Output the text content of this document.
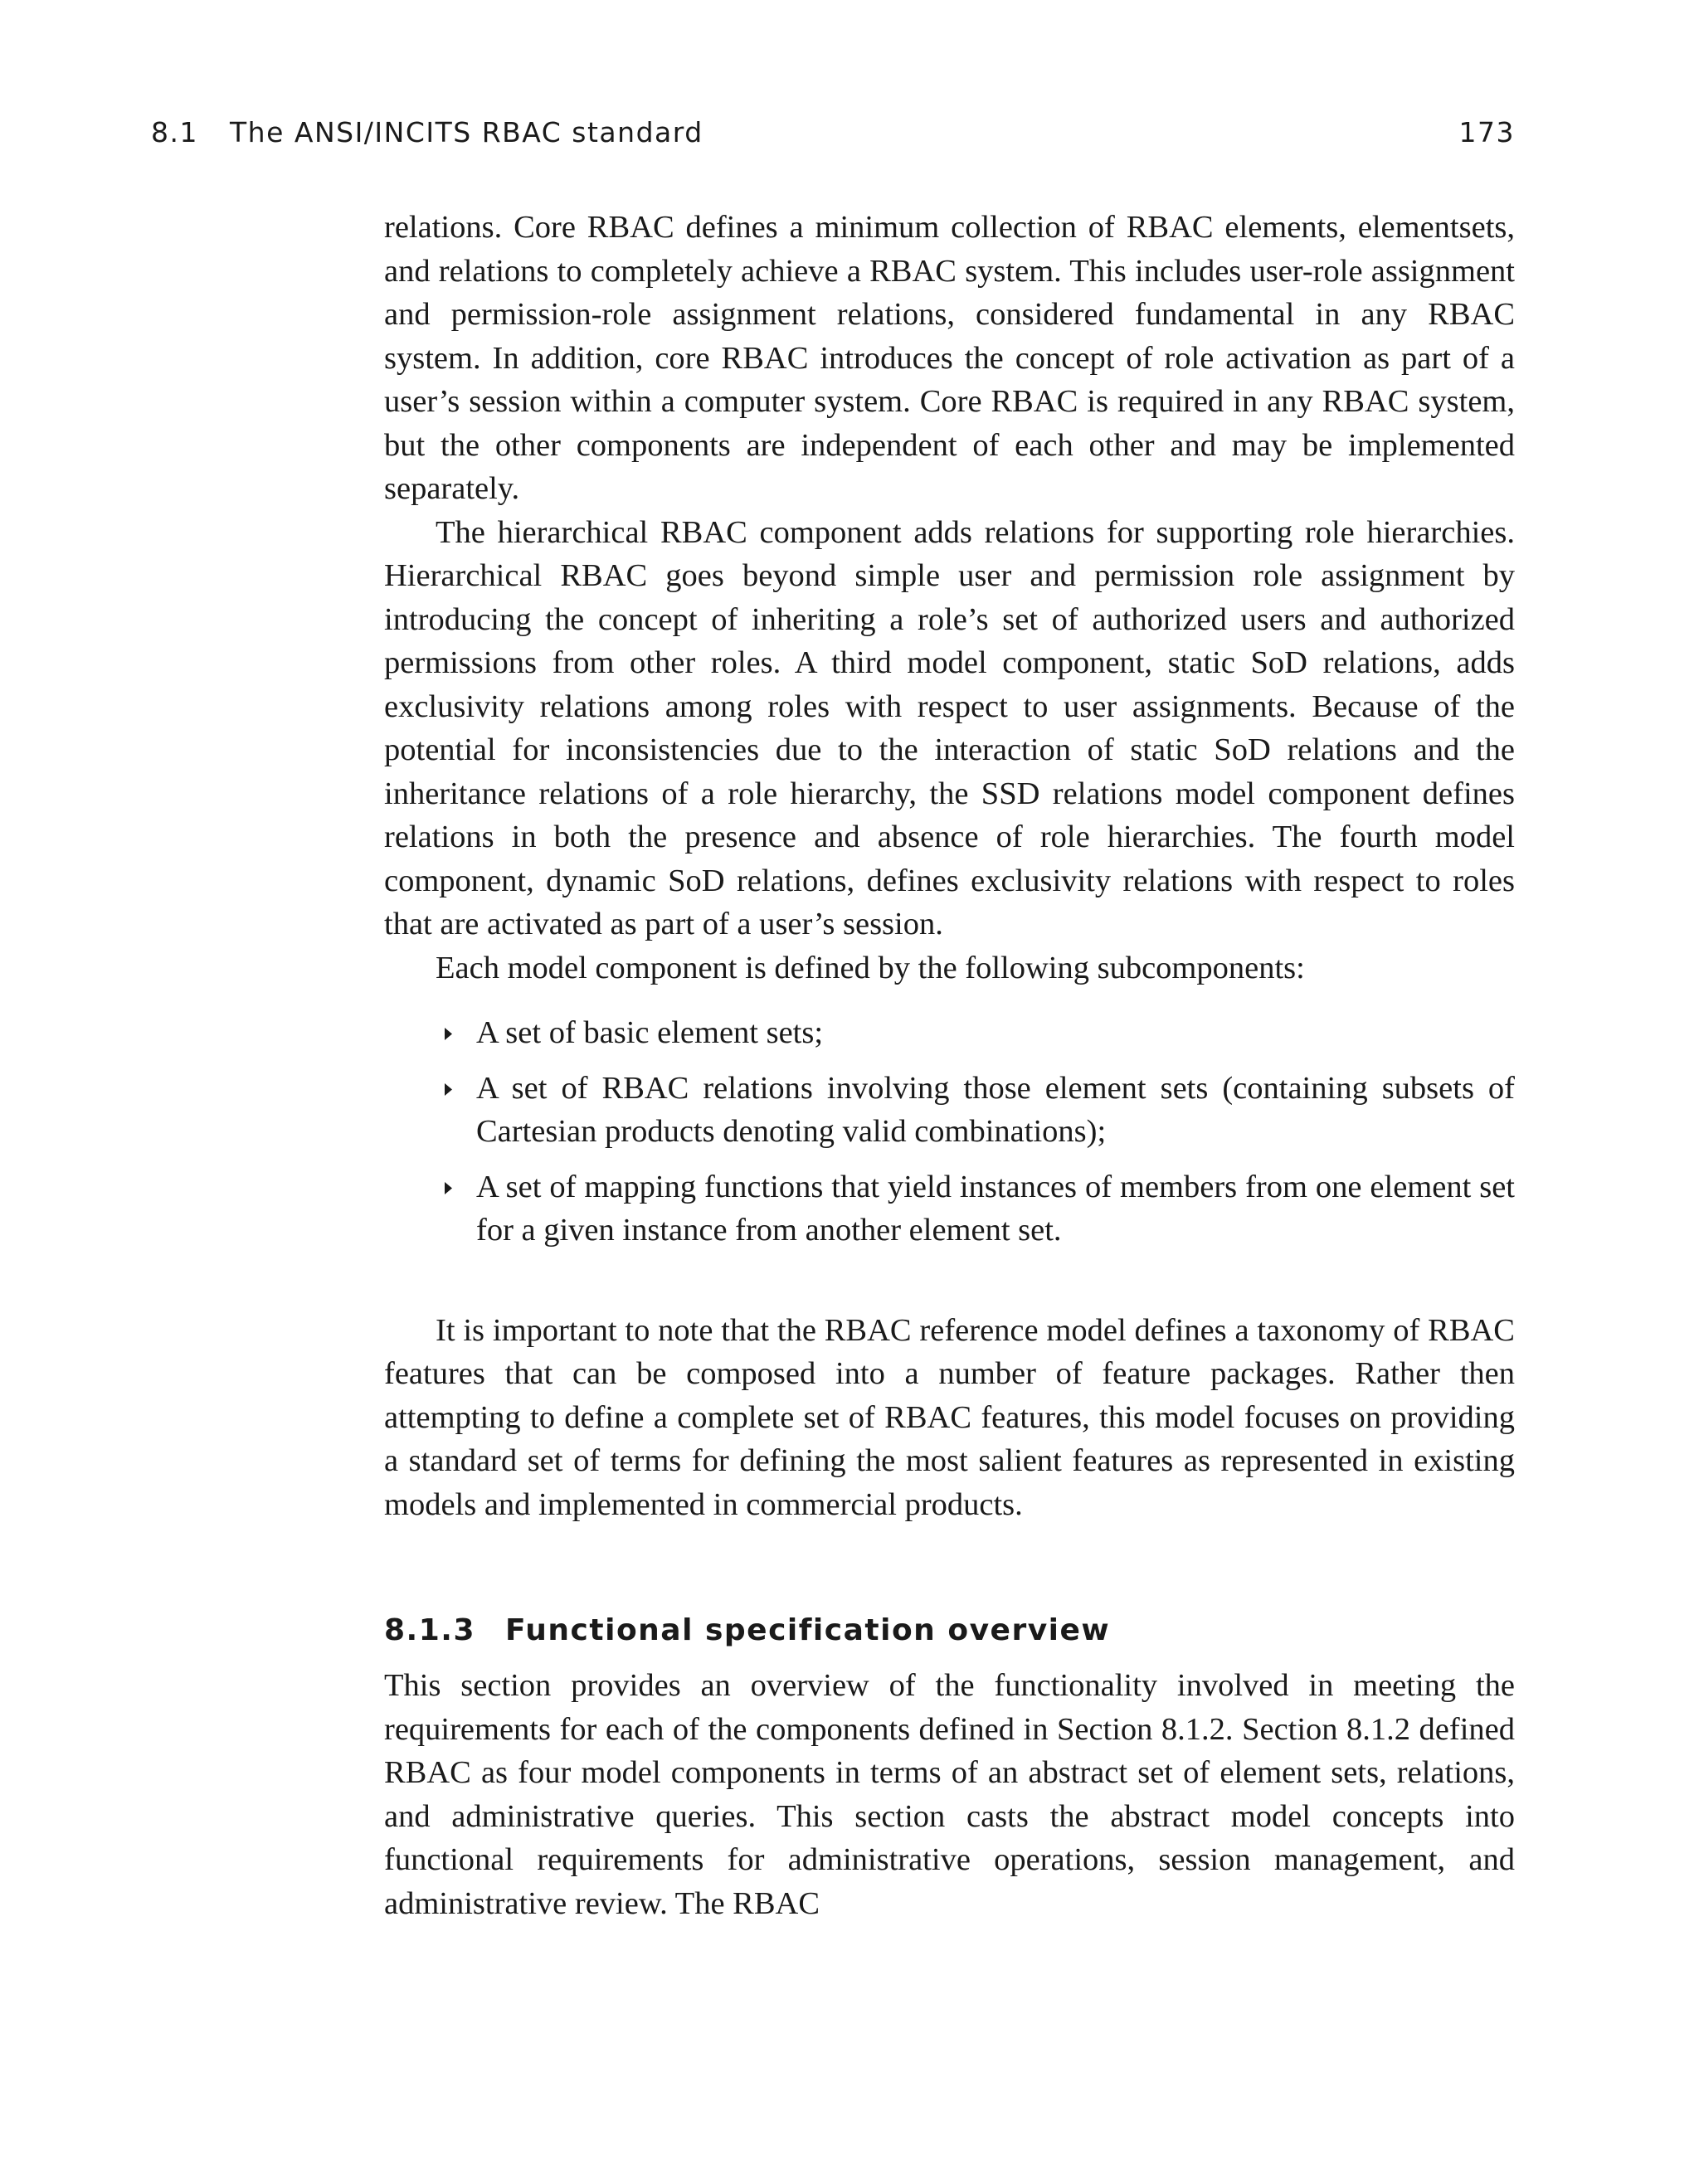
8.1 The ANSI/INCITS RBAC standard	173

relations. Core RBAC defines a minimum collection of RBAC elements, elementsets, and relations to completely achieve a RBAC system. This includes user-role assignment and permission-role assignment relations, considered fundamental in any RBAC system. In addition, core RBAC introduces the concept of role activation as part of a user’s session within a computer system. Core RBAC is required in any RBAC system, but the other components are independent of each other and may be implemented separately.

The hierarchical RBAC component adds relations for supporting role hierarchies. Hierarchical RBAC goes beyond simple user and permission role assignment by introducing the concept of inheriting a role’s set of authorized users and authorized permissions from other roles. A third model component, static SoD relations, adds exclusivity relations among roles with respect to user assignments. Because of the potential for inconsistencies due to the interaction of static SoD relations and the inheritance relations of a role hierarchy, the SSD relations model component defines relations in both the presence and absence of role hierarchies. The fourth model component, dynamic SoD relations, defines exclusivity relations with respect to roles that are activated as part of a user’s session.

Each model component is defined by the following subcomponents:

A set of basic element sets;
A set of RBAC relations involving those element sets (containing subsets of Cartesian products denoting valid combinations);
A set of mapping functions that yield instances of members from one element set for a given instance from another element set.

It is important to note that the RBAC reference model defines a taxonomy of RBAC features that can be composed into a number of feature packages. Rather then attempting to define a complete set of RBAC features, this model focuses on providing a standard set of terms for defining the most salient features as represented in existing models and implemented in commercial products.

8.1.3 Functional specification overview

This section provides an overview of the functionality involved in meeting the requirements for each of the components defined in Section 8.1.2. Section 8.1.2 defined RBAC as four model components in terms of an abstract set of element sets, relations, and administrative queries. This section casts the abstract model concepts into functional requirements for administrative operations, session management, and administrative review. The RBAC
